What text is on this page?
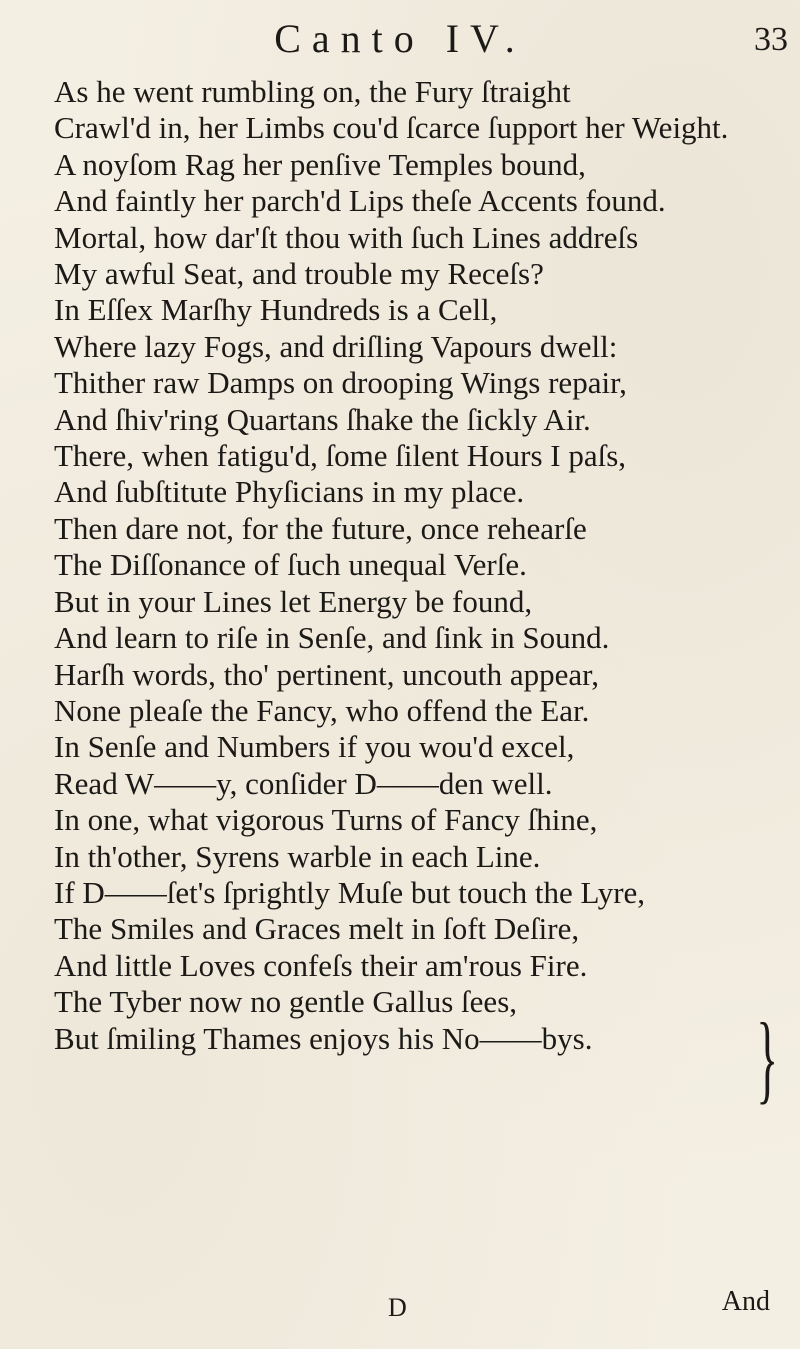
Canto IV.	33

As he went rumbling on, the Fury ſtraight

Crawl'd in, her Limbs cou'd ſcarce ſupport her Weight.

A noyſom Rag her penſive Temples bound,

And faintly her parch'd Lips theſe Accents found.

Mortal, how dar'ſt thou with ſuch Lines addreſs

My awful Seat, and trouble my Receſs?

In Eſſex Marſhy Hundreds is a Cell,

Where lazy Fogs, and driſling Vapours dwell:

Thither raw Damps on drooping Wings repair,

And ſhiv'ring Quartans ſhake the ſickly Air.

There, when fatigu'd, ſome ſilent Hours I paſs,

And ſubſtitute Phyſicians in my place.

Then dare not, for the future, once rehearſe

The Diſſonance of ſuch unequal Verſe.

But in your Lines let Energy be found,

And learn to riſe in Senſe, and ſink in Sound.

Harſh words, tho' pertinent, uncouth appear,

None pleaſe the Fancy, who offend the Ear.

In Senſe and Numbers if you wou'd excel,

Read W——y, conſider D——den well.

In one, what vigorous Turns of Fancy ſhine,

In th'other, Syrens warble in each Line.

If D——ſet's ſprightly Muſe but touch the Lyre,

The Smiles and Graces melt in ſoft Deſire,

And little Loves confeſs their am'rous Fire.

The Tyber now no gentle Gallus ſees,

But ſmiling Thames enjoys his No——bys.	}
D	And
